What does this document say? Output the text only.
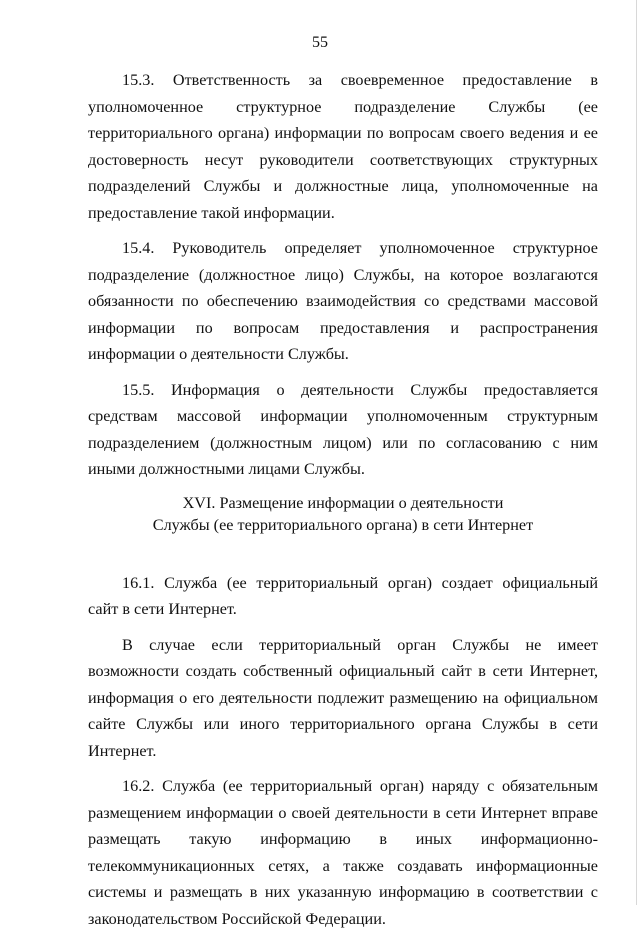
55

15.3. Ответственность за своевременное предоставление в уполномоченное структурное подразделение Службы (ее территориального органа) информации по вопросам своего ведения и ее достоверность несут руководители соответствующих структурных подразделений Службы и должностные лица, уполномоченные на предоставление такой информации.

15.4. Руководитель определяет уполномоченное структурное подразделение (должностное лицо) Службы, на которое возлагаются обязанности по обеспечению взаимодействия со средствами массовой информации по вопросам предоставления и распространения информации о деятельности Службы.

15.5. Информация о деятельности Службы предоставляется средствам массовой информации уполномоченным структурным подразделением (должностным лицом) или по согласованию с ним иными должностными лицами Службы.

XVI. Размещение информации о деятельности
Службы (ее территориального органа) в сети Интернет

16.1. Служба (ее территориальный орган) создает официальный сайт в сети Интернет.

В случае если территориальный орган Службы не имеет возможности создать собственный официальный сайт в сети Интернет, информация о его деятельности подлежит размещению на официальном сайте Службы или иного территориального органа Службы в сети Интернет.

16.2. Служба (ее территориальный орган) наряду с обязательным размещением информации о своей деятельности в сети Интернет вправе размещать такую информацию в иных информационно-телекоммуникационных сетях, а также создавать информационные системы и размещать в них указанную информацию в соответствии с законодательством Российской Федерации.
